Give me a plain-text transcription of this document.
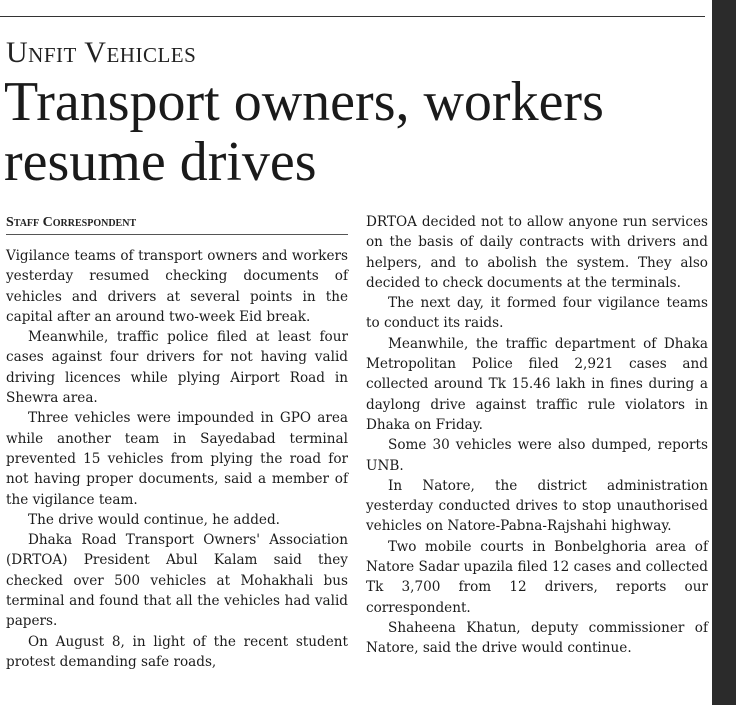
Unfit Vehicles
Transport owners, workers resume drives
Staff Correspondent

Vigilance teams of transport owners and workers yesterday resumed checking documents of vehicles and drivers at several points in the capital after an around two-week Eid break.

Meanwhile, traffic police filed at least four cases against four drivers for not having valid driving licences while plying Airport Road in Shewra area.

Three vehicles were impounded in GPO area while another team in Sayedabad terminal prevented 15 vehicles from plying the road for not having proper documents, said a member of the vigilance team.

The drive would continue, he added.

Dhaka Road Transport Owners' Association (DRTOA) President Abul Kalam said they checked over 500 vehicles at Mohakhali bus terminal and found that all the vehicles had valid papers.

On August 8, in light of the recent student protest demanding safe roads,

DRTOA decided not to allow anyone run services on the basis of daily contracts with drivers and helpers, and to abolish the system. They also decided to check documents at the terminals.

The next day, it formed four vigilance teams to conduct its raids.

Meanwhile, the traffic department of Dhaka Metropolitan Police filed 2,921 cases and collected around Tk 15.46 lakh in fines during a daylong drive against traffic rule violators in Dhaka on Friday.

Some 30 vehicles were also dumped, reports UNB.

In Natore, the district administration yesterday conducted drives to stop unauthorised vehicles on Natore-Pabna-Rajshahi highway.

Two mobile courts in Bonbelghoria area of Natore Sadar upazila filed 12 cases and collected Tk 3,700 from 12 drivers, reports our correspondent.

Shaheena Khatun, deputy commissioner of Natore, said the drive would continue.
